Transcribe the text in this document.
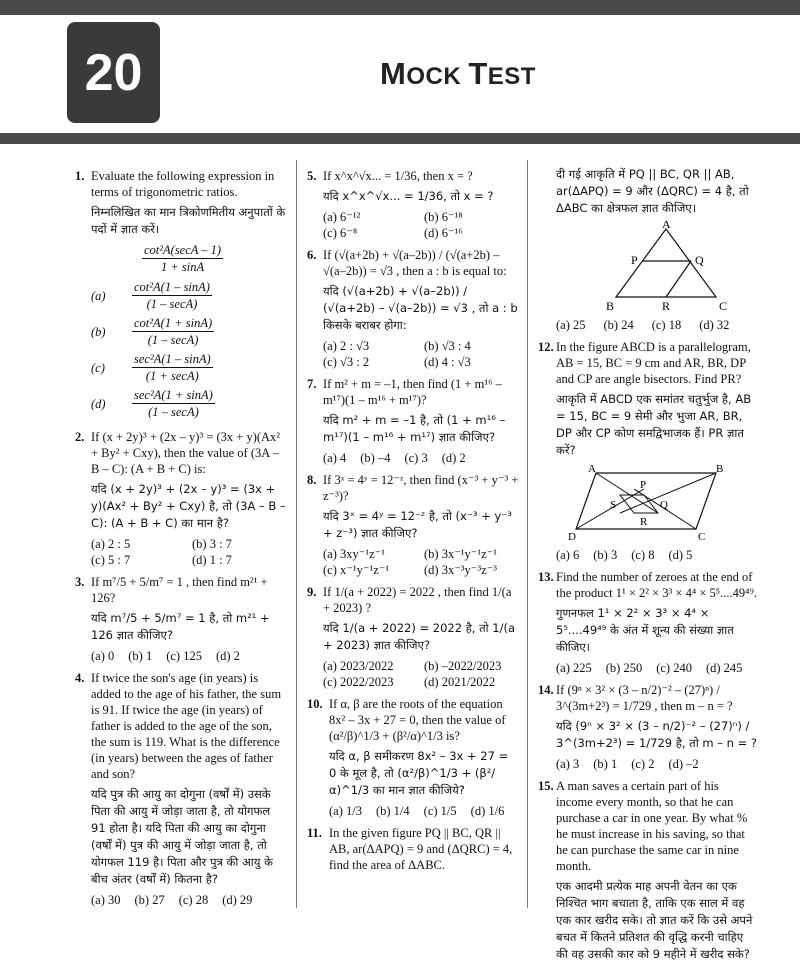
20	MOCK TEST
1. Evaluate the following expression in terms of trigonometric ratios.

निम्नलिखित का मान त्रिकोणमितीय अनुपातों के पदों में ज्ञात करें।

cot²A(secA – 1)
1 + sinA
(a)
cot²A(1 – sinA)
(1 – secA)
(b)
cot²A(1 + sinA)
(1 – secA)
(c)
sec²A(1 – sinA)
(1 + secA)
(d)
sec²A(1 + sinA)
(1 – secA)
2. If (x + 2y)³ + (2x – y)³ = (3x + y)(Ax² + By² + Cxy), then the value of (3A – B – C): (A + B + C) is:

यदि (x + 2y)³ + (2x – y)³ = (3x + y)(Ax² + By² + Cxy) है, तो (3A – B – C): (A + B + C) का मान है?

(a) 2 : 5	(b) 3 : 7
(c) 5 : 7	(d) 1 : 7
3. If m⁷/5 + 5/m⁷ = 1 , then find m²¹ + 126?

यदि m⁷/5 + 5/m⁷ = 1 है, तो m²¹ + 126 ज्ञात कीजिए?

(a) 0 (b) 1 (c) 125 (d) 2
4. If twice the son's age (in years) is added to the age of his father, the sum is 91. If twice the age (in years) of father is added to the age of the son, the sum is 119. What is the difference (in years) between the ages of father and son?

यदि पुत्र की आयु का दोगुना (वर्षों में) उसके पिता की आयु में जोड़ा जाता है, तो योगफल 91 होता है। यदि पिता की आयु का दोगुना (वर्षों में) पुत्र की आयु में जोड़ा जाता है, तो योगफल 119 है। पिता और पुत्र की आयु के बीच अंतर (वर्षों में) कितना है?

(a) 30 (b) 27 (c) 28 (d) 29
5. If x^x^√x... = 1/36, then x = ?

यदि x^x^√x... = 1/36, तो x = ?

(a) 6⁻¹²	(b) 6⁻¹⁸
(c) 6⁻⁸	(d) 6⁻¹⁶
6. If (√(a+2b) + √(a–2b)) / (√(a+2b) – √(a–2b)) = √3 , then a : b is equal to:

यदि (√(a+2b) + √(a–2b)) / (√(a+2b) – √(a–2b)) = √3 , तो a : b किसके बराबर होगा:

(a) 2 : √3	(b) √3 : 4
(c) √3 : 2	(d) 4 : √3
7. If m² + m = –1, then find (1 + m¹⁶ – m¹⁷)(1 – m¹⁶ + m¹⁷)?

यदि m² + m = –1 है, तो (1 + m¹⁶ – m¹⁷)(1 – m¹⁶ + m¹⁷) ज्ञात कीजिए?

(a) 4 (b) –4 (c) 3 (d) 2
8. If 3ˣ = 4ʸ = 12⁻ᶻ, then find (x⁻³ + y⁻³ + z⁻³)?

यदि 3ˣ = 4ʸ = 12⁻ᶻ है, तो (x⁻³ + y⁻³ + z⁻³) ज्ञात कीजिए?

(a) 3xy⁻¹z⁻¹	(b) 3x⁻¹y⁻¹z⁻¹
(c) x⁻¹y⁻¹z⁻¹	(d) 3x⁻³y⁻³z⁻³
9. If 1/(a + 2022) = 2022 , then find 1/(a + 2023) ?

यदि 1/(a + 2022) = 2022 है, तो 1/(a + 2023) ज्ञात कीजिए?

(a) 2023/2022	(b) –2022/2023
(c) 2022/2023	(d) 2021/2022
10. If α, β are the roots of the equation 8x² – 3x + 27 = 0, then the value of (α²/β)^1/3 + (β²/α)^1/3 is?

यदि α, β समीकरण 8x² – 3x + 27 = 0 के मूल है, तो (α²/β)^1/3 + (β²/α)^1/3 का मान ज्ञात कीजिये?

(a) 1/3 (b) 1/4 (c) 1/5 (d) 1/6
11. In the given figure PQ || BC, QR || AB, ar(ΔAPQ) = 9 and (ΔQRC) = 4, find the area of ΔABC.

दी गई आकृति में PQ || BC, QR || AB, ar(ΔAPQ) = 9 और (ΔQRC) = 4 है, तो ΔABC का क्षेत्रफल ज्ञात कीजिए।

A
P	Q
B	R	C
(a) 25 (b) 24 (c) 18 (d) 32
12. In the figure ABCD is a parallelogram, AB = 15, BC = 9 cm and AR, BR, DP and CP are angle bisectors. Find PR?

आकृति में ABCD एक समांतर चतुर्भुज है, AB = 15, BC = 9 सेमी और भुजा AR, BR, DP और CP कोण समद्विभाजक हैं। PR ज्ञात करें?

A	B
C
D
P
Q
R
S
(a) 6 (b) 3 (c) 8 (d) 5
13. Find the number of zeroes at the end of the product 1¹ × 2² × 3³ × 4⁴ × 5⁵....49⁴⁹.

गुणनफल 1¹ × 2² × 3³ × 4⁴ × 5⁵....49⁴⁹ के अंत में शून्य की संख्या ज्ञात कीजिए।

(a) 225 (b) 250 (c) 240 (d) 245
14. If (9ⁿ × 3² × (3 – n/2)⁻² – (27)ⁿ) / 3^(3m+2³) = 1/729 , then m – n = ?

यदि (9ⁿ × 3² × (3 – n/2)⁻² – (27)ⁿ) / 3^(3m+2³) = 1/729 है, तो m – n = ?

(a) 3 (b) 1 (c) 2 (d) –2
15. A man saves a certain part of his income every month, so that he can purchase a car in one year. By what % he must increase in his saving, so that he can purchase the same car in nine month.

एक आदमी प्रत्येक माह अपनी वेतन का एक निश्चित भाग बचाता है, ताकि एक साल में वह एक कार खरीद सके। तो ज्ञात करें कि उसे अपने बचत में कितने प्रतिशत की वृद्धि करनी चाहिए की वह उसकी कार को 9 महीने में खरीद सके?
